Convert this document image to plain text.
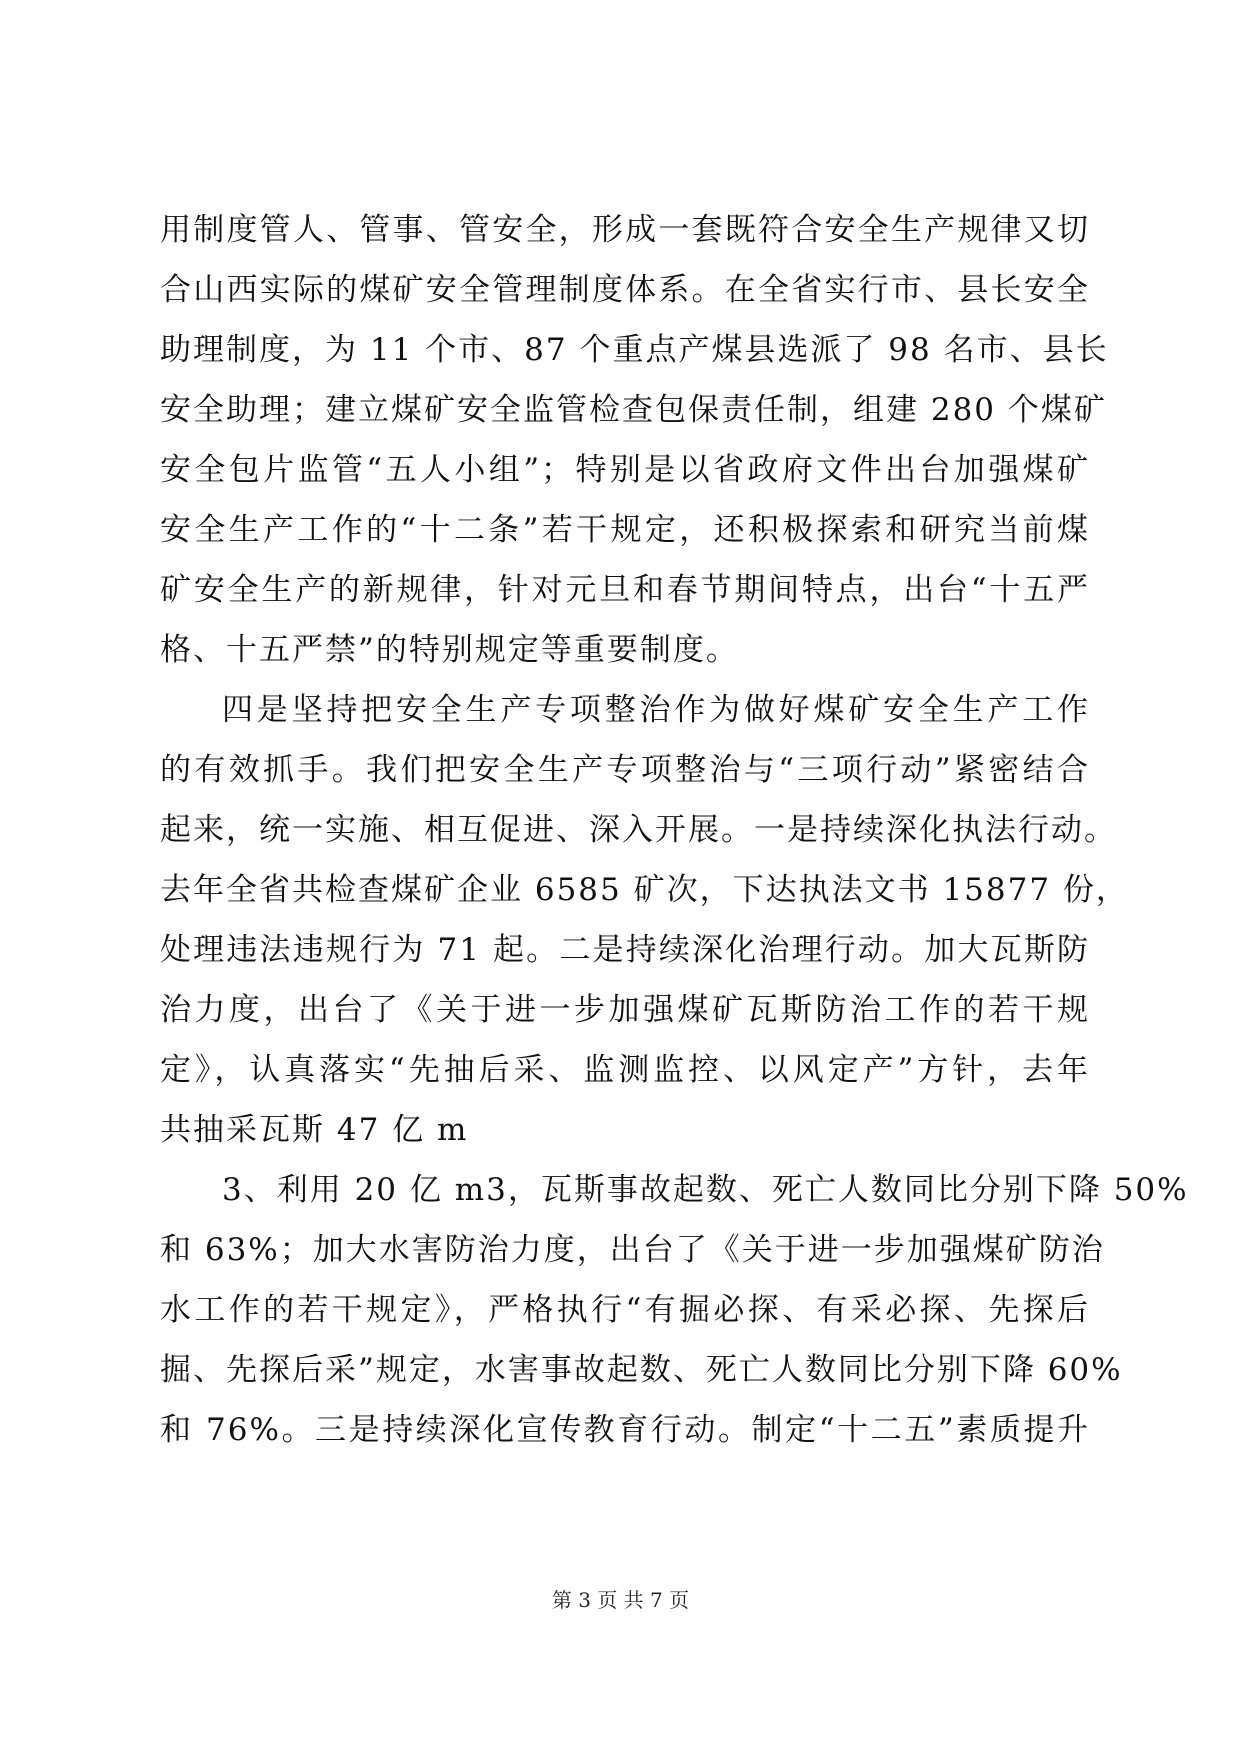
用制度管人、管事、管安全，形成一套既符合安全生产规律又切
合山西实际的煤矿安全管理制度体系。在全省实行市、县长安全
助理制度，为 11 个市、87 个重点产煤县选派了 98 名市、县长
安全助理；建立煤矿安全监管检查包保责任制，组建 280 个煤矿
安全包片监管“五人小组”；特别是以省政府文件出台加强煤矿
安全生产工作的“十二条”若干规定，还积极探索和研究当前煤
矿安全生产的新规律，针对元旦和春节期间特点，出台“十五严
格、十五严禁”的特别规定等重要制度。
四是坚持把安全生产专项整治作为做好煤矿安全生产工作
的有效抓手。我们把安全生产专项整治与“三项行动”紧密结合
起来，统一实施、相互促进、深入开展。一是持续深化执法行动。
去年全省共检查煤矿企业 6585 矿次，下达执法文书 15877 份，
处理违法违规行为 71 起。二是持续深化治理行动。加大瓦斯防
治力度，出台了《关于进一步加强煤矿瓦斯防治工作的若干规
定》，认真落实“先抽后采、监测监控、以风定产”方针，去年
共抽采瓦斯 47 亿 m
3、利用 20 亿 m3，瓦斯事故起数、死亡人数同比分别下降 50%
和 63%；加大水害防治力度，出台了《关于进一步加强煤矿防治
水工作的若干规定》，严格执行“有掘必探、有采必探、先探后
掘、先探后采”规定，水害事故起数、死亡人数同比分别下降 60%
和 76%。三是持续深化宣传教育行动。制定“十二五”素质提升
第 3 页 共 7 页
